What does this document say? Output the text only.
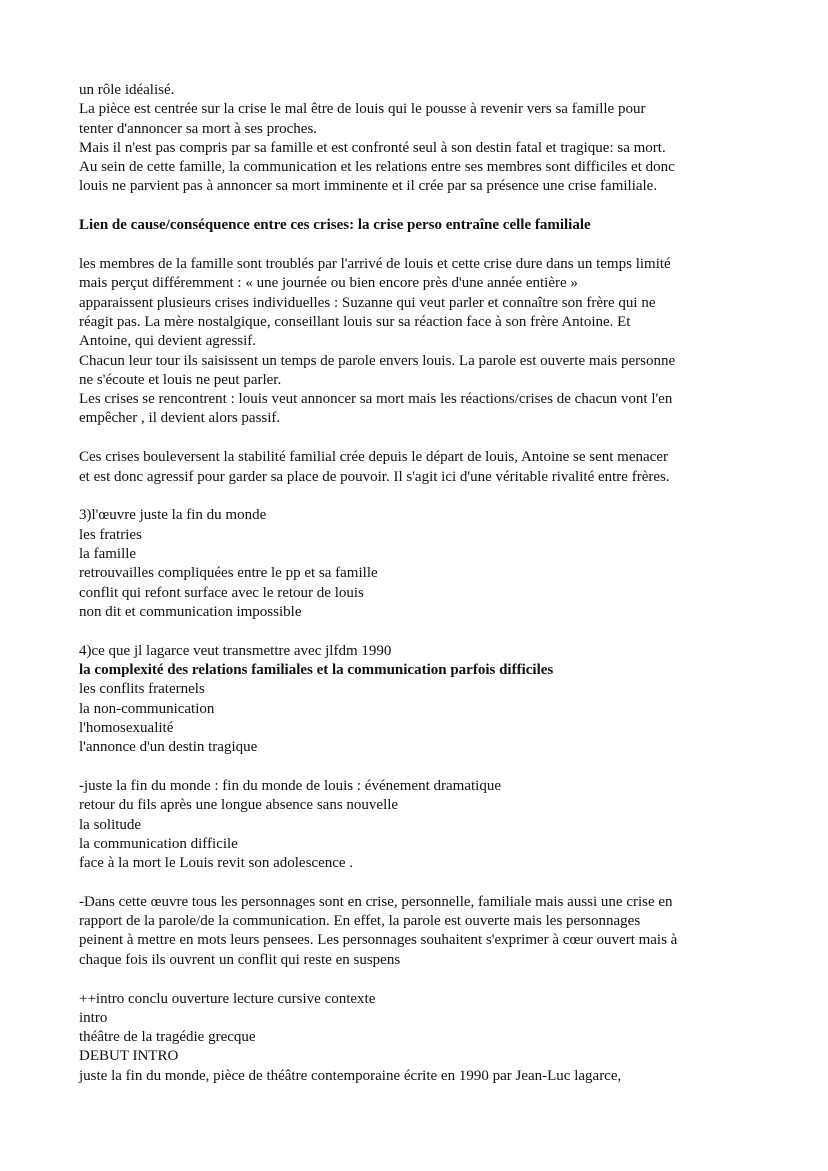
un rôle idéalisé.
La pièce est centrée sur la crise le mal être de louis qui le pousse à revenir vers sa famille pour
tenter d'annoncer sa mort à ses proches.
Mais il n'est pas compris par sa famille et est confronté seul à son destin fatal et tragique: sa mort.
Au sein de cette famille, la communication et les relations entre ses membres sont difficiles et donc
louis ne parvient pas à annoncer sa mort imminente et il crée par sa présence une crise familiale.
Lien de cause/conséquence entre ces crises: la crise perso entraîne celle familiale
les membres de la famille sont troublés par l'arrivé de louis et cette crise dure dans un temps limité
mais perçut différemment : « une journée ou bien encore près d'une année entière »
apparaissent plusieurs crises individuelles : Suzanne qui veut parler et connaître son frère qui ne
réagit pas. La mère nostalgique, conseillant louis sur sa réaction face à son frère Antoine. Et
Antoine, qui devient agressif.
Chacun leur tour ils saisissent un temps de parole envers louis. La parole est ouverte mais personne
ne s'écoute et louis ne peut parler.
Les crises se rencontrent : louis veut annoncer sa mort mais les réactions/crises de chacun vont l'en
empêcher , il devient alors passif.
Ces crises bouleversent la stabilité familial crée depuis le départ de louis, Antoine se sent menacer
et est donc agressif pour garder sa place de pouvoir. Il s'agit ici d'une véritable rivalité entre frères.
3)l'œuvre juste la fin du monde
les fratries
la famille
retrouvailles compliquées entre le pp et sa famille
conflit qui refont surface avec le retour de louis
non dit et communication impossible
4)ce que jl lagarce veut transmettre avec jlfdm 1990
la complexité des relations familiales et la communication parfois difficiles
les conflits fraternels
la non-communication
l'homosexualité
l'annonce d'un destin tragique
-juste la fin du monde : fin du monde de louis : événement dramatique
retour du fils après une longue absence sans nouvelle
la solitude
la communication difficile
face à la mort le Louis revit son adolescence .
-Dans cette œuvre tous les personnages sont en crise, personnelle, familiale mais aussi une crise en
rapport de la parole/de la communication. En effet, la parole est ouverte mais les personnages
peinent à mettre en mots leurs pensees. Les personnages souhaitent s'exprimer à cœur ouvert mais à
chaque fois ils ouvrent un conflit qui reste en suspens
++intro conclu ouverture lecture cursive contexte
intro
théâtre de la tragédie grecque
DEBUT INTRO
juste la fin du monde, pièce de théâtre contemporaine écrite en 1990 par Jean-Luc lagarce,
